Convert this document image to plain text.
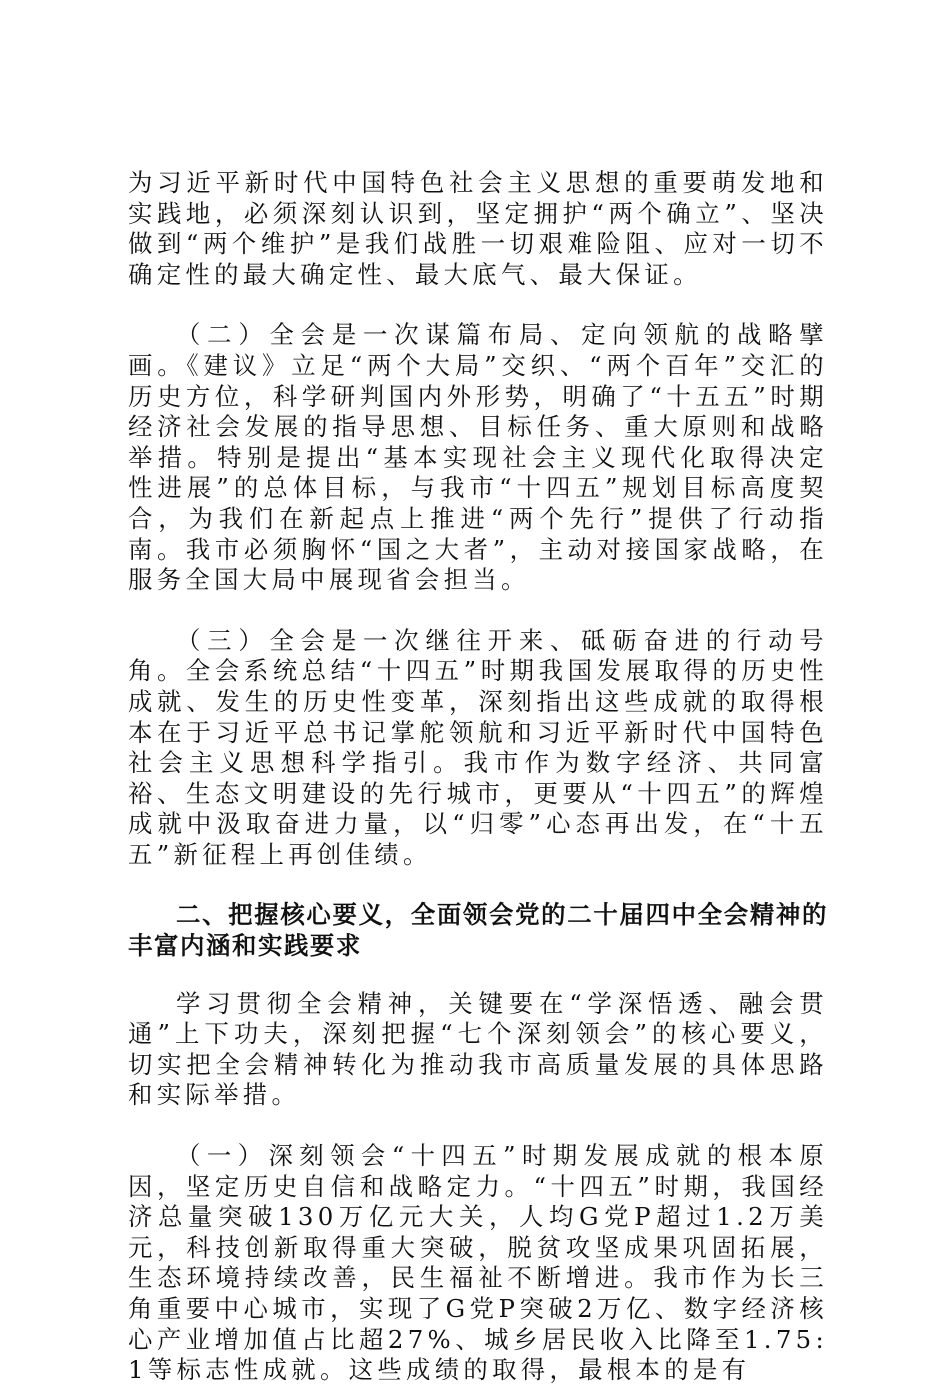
为习近平新时代中国特色社会主义思想的重要萌发地和实践地，必须深刻认识到，坚定拥护“两个确立”、坚决做到“两个维护”是我们战胜一切艰难险阻、应对一切不确定性的最大确定性、最大底气、最大保证。

（二）全会是一次谋篇布局、定向领航的战略擘画。《建议》立足“两个大局”交织、“两个百年”交汇的历史方位，科学研判国内外形势，明确了“十五五”时期经济社会发展的指导思想、目标任务、重大原则和战略举措。特别是提出“基本实现社会主义现代化取得决定性进展”的总体目标，与我市“十四五”规划目标高度契合，为我们在新起点上推进“两个先行”提供了行动指南。我市必须胸怀“国之大者”，主动对接国家战略，在服务全国大局中展现省会担当。

（三）全会是一次继往开来、砥砺奋进的行动号角。全会系统总结“十四五”时期我国发展取得的历史性成就、发生的历史性变革，深刻指出这些成就的取得根本在于习近平总书记掌舵领航和习近平新时代中国特色社会主义思想科学指引。我市作为数字经济、共同富裕、生态文明建设的先行城市，更要从“十四五”的辉煌成就中汲取奋进力量，以“归零”心态再出发，在“十五五”新征程上再创佳绩。

二、把握核心要义，全面领会党的二十届四中全会精神的丰富内涵和实践要求

学习贯彻全会精神，关键要在“学深悟透、融会贯通”上下功夫，深刻把握“七个深刻领会”的核心要义，切实把全会精神转化为推动我市高质量发展的具体思路和实际举措。

（一）深刻领会“十四五”时期发展成就的根本原因，坚定历史自信和战略定力。“十四五”时期，我国经济总量突破130万亿元大关，人均G党P超过1.2万美元，科技创新取得重大突破，脱贫攻坚成果巩固拓展，生态环境持续改善，民生福祉不断增进。我市作为长三角重要中心城市，实现了G党P突破2万亿、数字经济核心产业增加值占比超27%、城乡居民收入比降至1.75:1等标志性成就。这些成绩的取得，最根本的是有
